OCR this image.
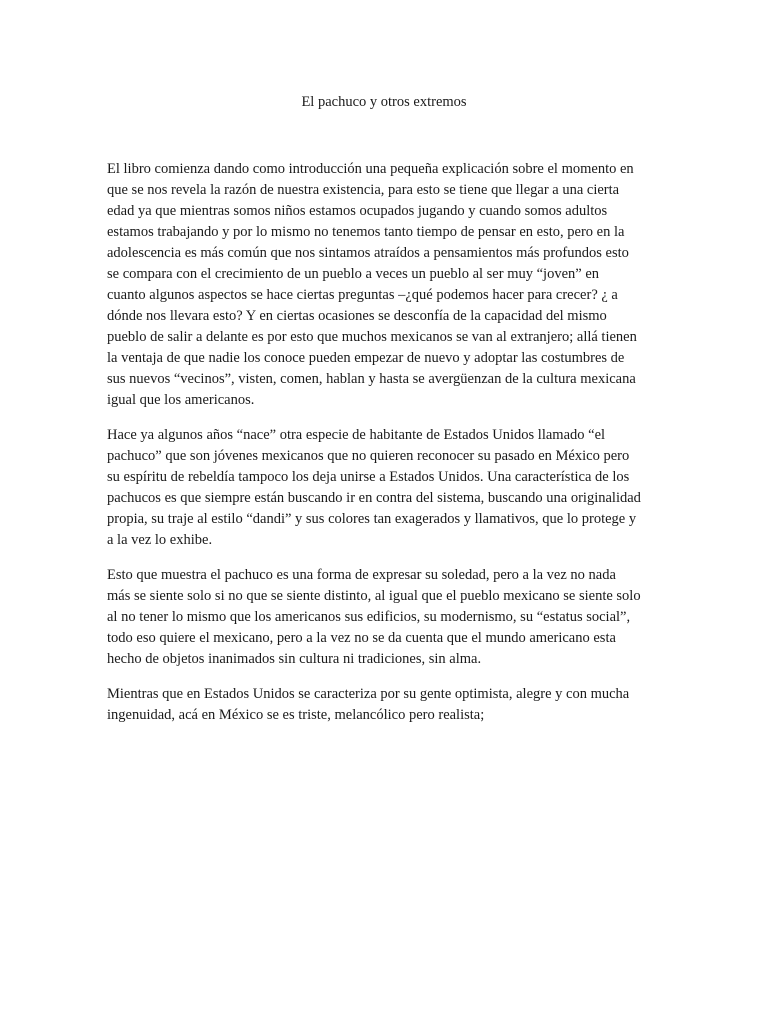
El pachuco y otros extremos

El libro comienza dando como introducción una pequeña explicación sobre el momento en
que se nos revela la razón de nuestra existencia, para esto se tiene que llegar a una cierta
edad ya que mientras somos niños estamos ocupados jugando y cuando somos adultos
estamos trabajando y por lo mismo no tenemos tanto tiempo de pensar en esto, pero en la
adolescencia es más común que nos sintamos atraídos a pensamientos más profundos esto
se compara con el crecimiento de un pueblo a veces un pueblo al ser muy “joven” en
cuanto algunos aspectos se hace ciertas preguntas –¿qué podemos hacer para crecer? ¿ a
dónde nos llevara esto? Y en ciertas ocasiones se desconfía de la capacidad del mismo
pueblo de salir a delante es por esto que muchos mexicanos se van al extranjero; allá tienen
la ventaja de que nadie los conoce pueden empezar de nuevo y adoptar las costumbres de
sus nuevos “vecinos”, visten, comen, hablan y hasta se avergüenzan de la cultura mexicana
igual que los americanos.

Hace ya algunos años “nace” otra especie de habitante de Estados Unidos llamado “el
pachuco” que son jóvenes mexicanos que no quieren reconocer su pasado en México pero
su espíritu de rebeldía tampoco los deja unirse a Estados Unidos. Una característica de los
pachucos es que siempre están buscando ir en contra del sistema, buscando una originalidad
propia, su traje al estilo “dandi” y sus colores tan exagerados y llamativos, que lo protege y
a la vez lo exhibe.

Esto que muestra el pachuco es una forma de expresar su soledad, pero a la vez no nada
más se siente solo si no que se siente distinto, al igual que el pueblo mexicano se siente solo
al no tener lo mismo que los americanos sus edificios, su modernismo, su “estatus social”,
todo eso quiere el mexicano, pero a la vez no se da cuenta que el mundo americano esta
hecho de objetos inanimados sin cultura ni tradiciones, sin alma.

Mientras que en Estados Unidos se caracteriza por su gente optimista, alegre y con mucha
ingenuidad, acá en México se es triste, melancólico pero realista;
